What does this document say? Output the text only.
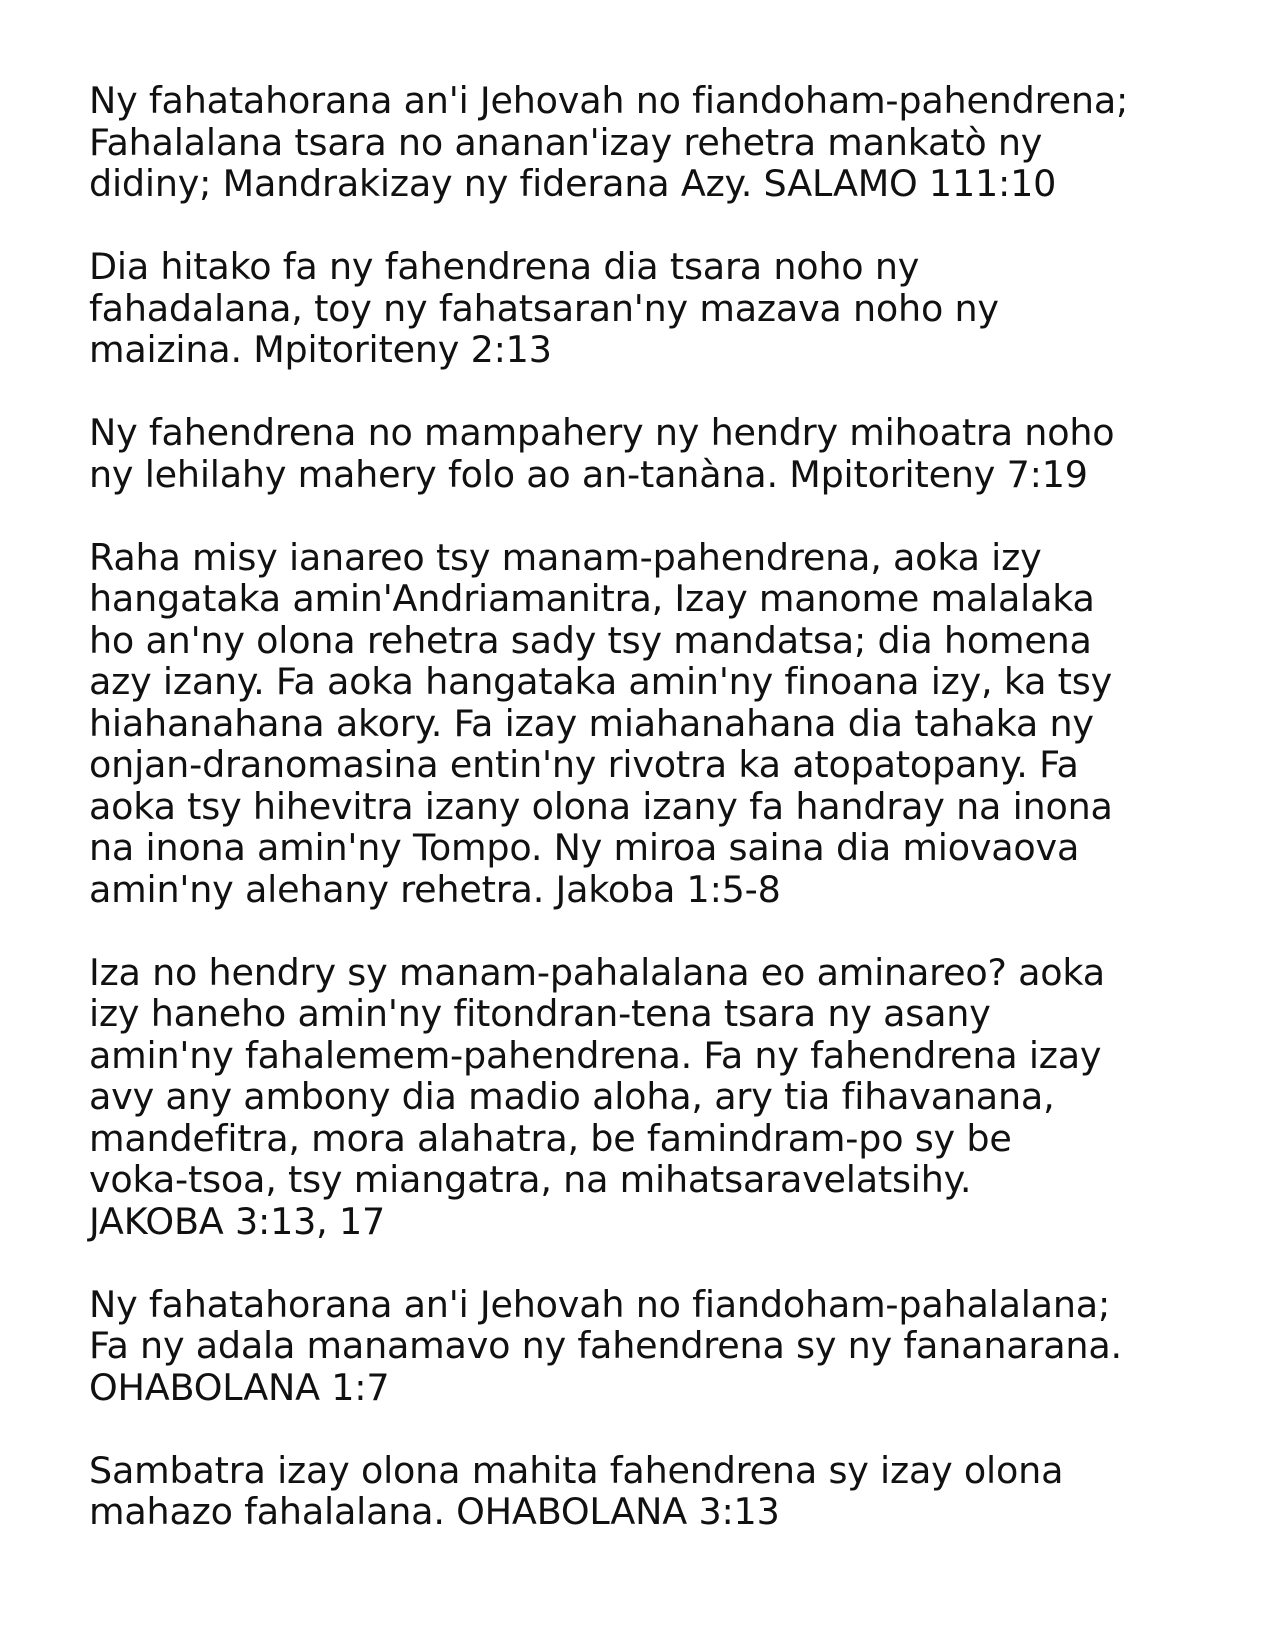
Ny fahatahorana an'i Jehovah no fiandoham-pahendrena;
Fahalalana tsara no ananan'izay rehetra mankatò ny
didiny; Mandrakizay ny fiderana Azy. SALAMO 111:10
Dia hitako fa ny fahendrena dia tsara noho ny
fahadalana, toy ny fahatsaran'ny mazava noho ny
maizina. Mpitoriteny 2:13
Ny fahendrena no mampahery ny hendry mihoatra noho
ny lehilahy mahery folo ao an-tanàna. Mpitoriteny 7:19
Raha misy ianareo tsy manam-pahendrena, aoka izy
hangataka amin'Andriamanitra, Izay manome malalaka
ho an'ny olona rehetra sady tsy mandatsa; dia homena
azy izany. Fa aoka hangataka amin'ny finoana izy, ka tsy
hiahanahana akory. Fa izay miahanahana dia tahaka ny
onjan-dranomasina entin'ny rivotra ka atopatopany. Fa
aoka tsy hihevitra izany olona izany fa handray na inona
na inona amin'ny Tompo. Ny miroa saina dia miovaova
amin'ny alehany rehetra. Jakoba 1:5-8
Iza no hendry sy manam-pahalalana eo aminareo? aoka
izy haneho amin'ny fitondran-tena tsara ny asany
amin'ny fahalemem-pahendrena. Fa ny fahendrena izay
avy any ambony dia madio aloha, ary tia fihavanana,
mandefitra, mora alahatra, be famindram-po sy be
voka-tsoa, tsy miangatra, na mihatsaravelatsihy.
JAKOBA 3:13, 17
Ny fahatahorana an'i Jehovah no fiandoham-pahalalana;
Fa ny adala manamavo ny fahendrena sy ny fananarana.
OHABOLANA 1:7
Sambatra izay olona mahita fahendrena sy izay olona
mahazo fahalalana. OHABOLANA 3:13
